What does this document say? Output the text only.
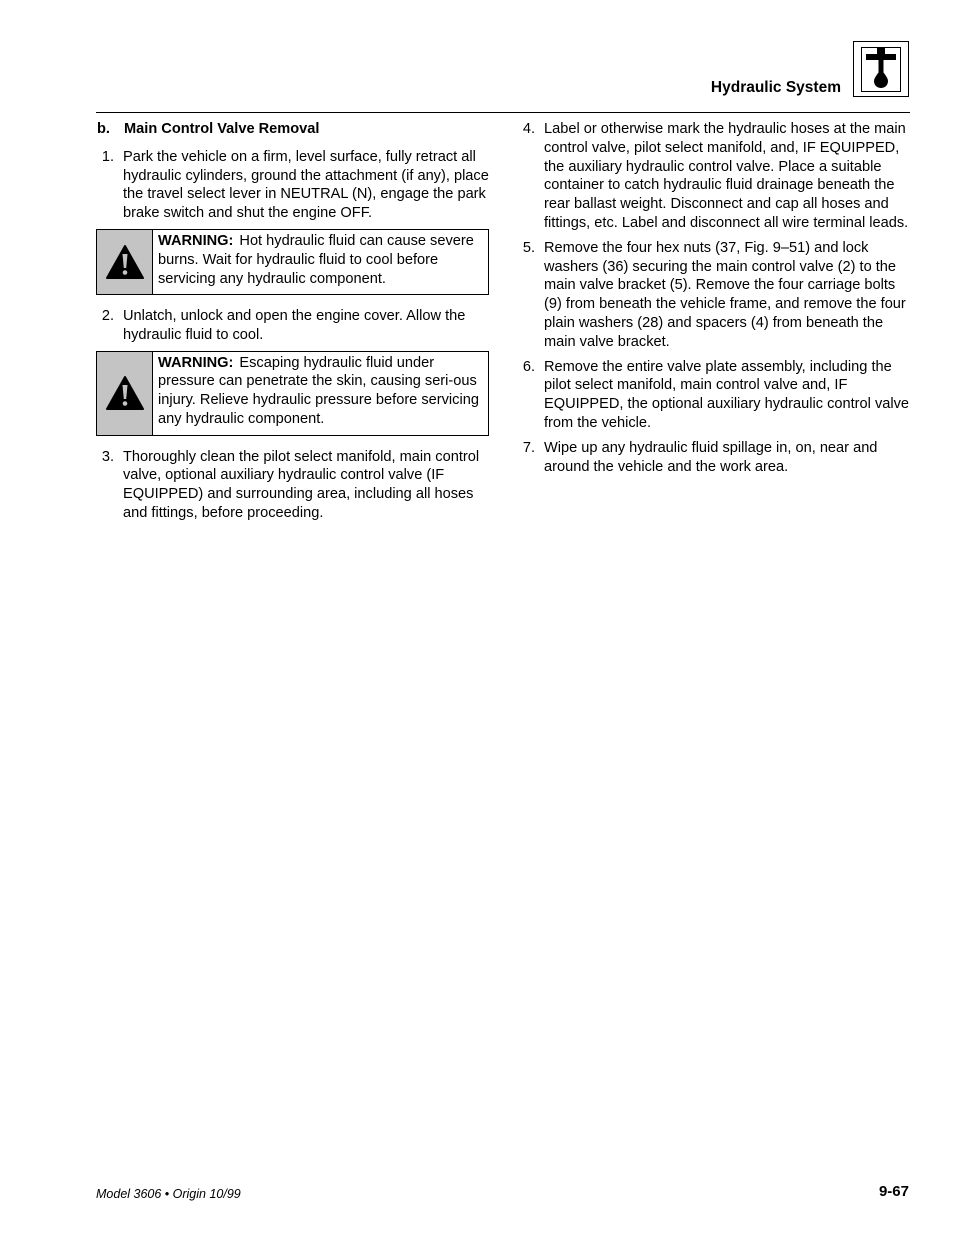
Hydraulic System
b. Main Control Valve Removal
1. Park the vehicle on a firm, level surface, fully retract all hydraulic cylinders, ground the attachment (if any), place the travel select lever in NEUTRAL (N), engage the park brake switch and shut the engine OFF.
WARNING: Hot hydraulic fluid can cause severe burns. Wait for hydraulic fluid to cool before servicing any hydraulic component.
2. Unlatch, unlock and open the engine cover. Allow the hydraulic fluid to cool.
WARNING: Escaping hydraulic fluid under pressure can penetrate the skin, causing seri-ous injury. Relieve hydraulic pressure before servicing any hydraulic component.
3. Thoroughly clean the pilot select manifold, main control valve, optional auxiliary hydraulic control valve (IF EQUIPPED) and surrounding area, including all hoses and fittings, before proceeding.
4. Label or otherwise mark the hydraulic hoses at the main control valve, pilot select manifold, and, IF EQUIPPED, the auxiliary hydraulic control valve. Place a suitable container to catch hydraulic fluid drainage beneath the rear ballast weight. Disconnect and cap all hoses and fittings, etc. Label and disconnect all wire terminal leads.
5. Remove the four hex nuts (37, Fig. 9–51) and lock washers (36) securing the main control valve (2) to the main valve bracket (5). Remove the four carriage bolts (9) from beneath the vehicle frame, and remove the four plain washers (28) and spacers (4) from beneath the main valve bracket.
6. Remove the entire valve plate assembly, including the pilot select manifold, main control valve and, IF EQUIPPED, the optional auxiliary hydraulic control valve from the vehicle.
7. Wipe up any hydraulic fluid spillage in, on, near and around the vehicle and the work area.
Model 3606 • Origin 10/99	9-67
